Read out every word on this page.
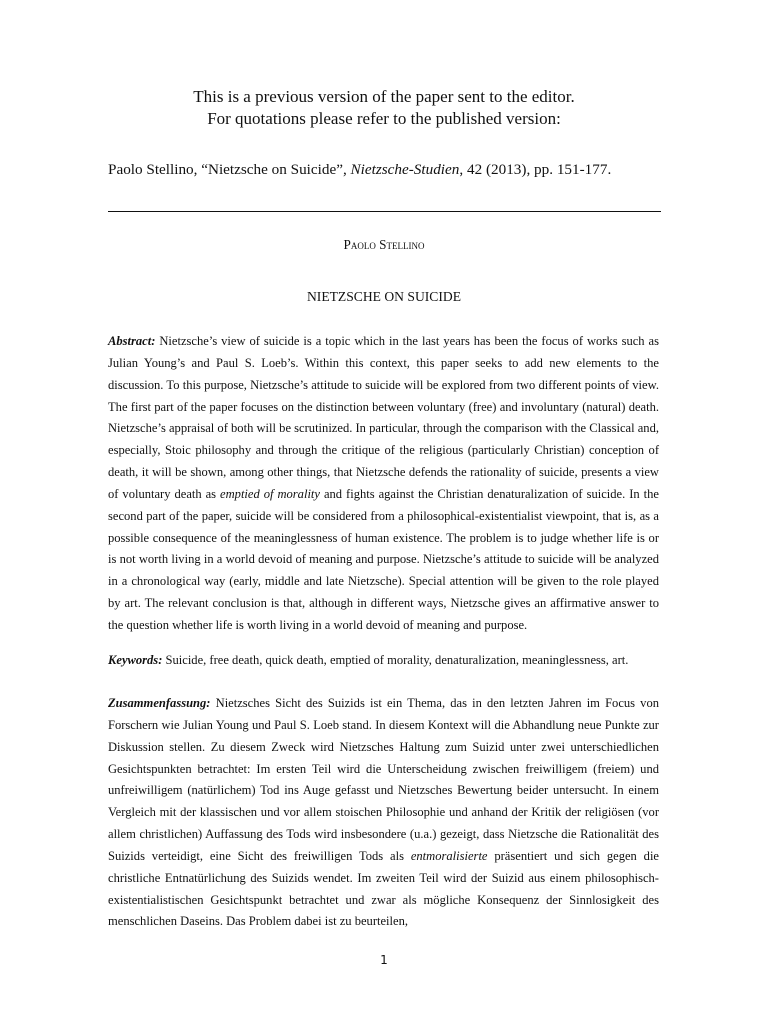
This is a previous version of the paper sent to the editor.
For quotations please refer to the published version:
Paolo Stellino, “Nietzsche on Suicide”, Nietzsche-Studien, 42 (2013), pp. 151-177.
Paolo Stellino
NIETZSCHE ON SUICIDE

Abstract: Nietzsche’s view of suicide is a topic which in the last years has been the focus of works such as Julian Young’s and Paul S. Loeb’s. Within this context, this paper seeks to add new elements to the discussion. To this purpose, Nietzsche’s attitude to suicide will be explored from two different points of view. The first part of the paper focuses on the distinction between voluntary (free) and involuntary (natural) death. Nietzsche’s appraisal of both will be scrutinized. In particular, through the comparison with the Classical and, especially, Stoic philosophy and through the critique of the religious (particularly Christian) conception of death, it will be shown, among other things, that Nietzsche defends the rationality of suicide, presents a view of voluntary death as emptied of morality and fights against the Christian denaturalization of suicide. In the second part of the paper, suicide will be considered from a philosophical-existentialist viewpoint, that is, as a possible consequence of the meaninglessness of human existence. The problem is to judge whether life is or is not worth living in a world devoid of meaning and purpose. Nietzsche’s attitude to suicide will be analyzed in a chronological way (early, middle and late Nietzsche). Special attention will be given to the role played by art. The relevant conclusion is that, although in different ways, Nietzsche gives an affirmative answer to the question whether life is worth living in a world devoid of meaning and purpose.

Keywords: Suicide, free death, quick death, emptied of morality, denaturalization, meaninglessness, art.

Zusammenfassung: Nietzsches Sicht des Suizids ist ein Thema, das in den letzten Jahren im Focus von Forschern wie Julian Young und Paul S. Loeb stand. In diesem Kontext will die Abhandlung neue Punkte zur Diskussion stellen. Zu diesem Zweck wird Nietzsches Haltung zum Suizid unter zwei unterschiedlichen Gesichtspunkten betrachtet: Im ersten Teil wird die Unterscheidung zwischen freiwilligem (freiem) und unfreiwilligem (natürlichem) Tod ins Auge gefasst und Nietzsches Bewertung beider untersucht. In einem Vergleich mit der klassischen und vor allem stoischen Philosophie und anhand der Kritik der religiösen (vor allem christlichen) Auffassung des Tods wird insbesondere (u.a.) gezeigt, dass Nietzsche die Rationalität des Suizids verteidigt, eine Sicht des freiwilligen Tods als entmoralisierte präsentiert und sich gegen die christliche Entnatürlichung des Suizids wendet. Im zweiten Teil wird der Suizid aus einem philosophisch-existentialistischen Gesichtspunkt betrachtet und zwar als mögliche Konsequenz der Sinnlosigkeit des menschlichen Daseins. Das Problem dabei ist zu beurteilen,

1
